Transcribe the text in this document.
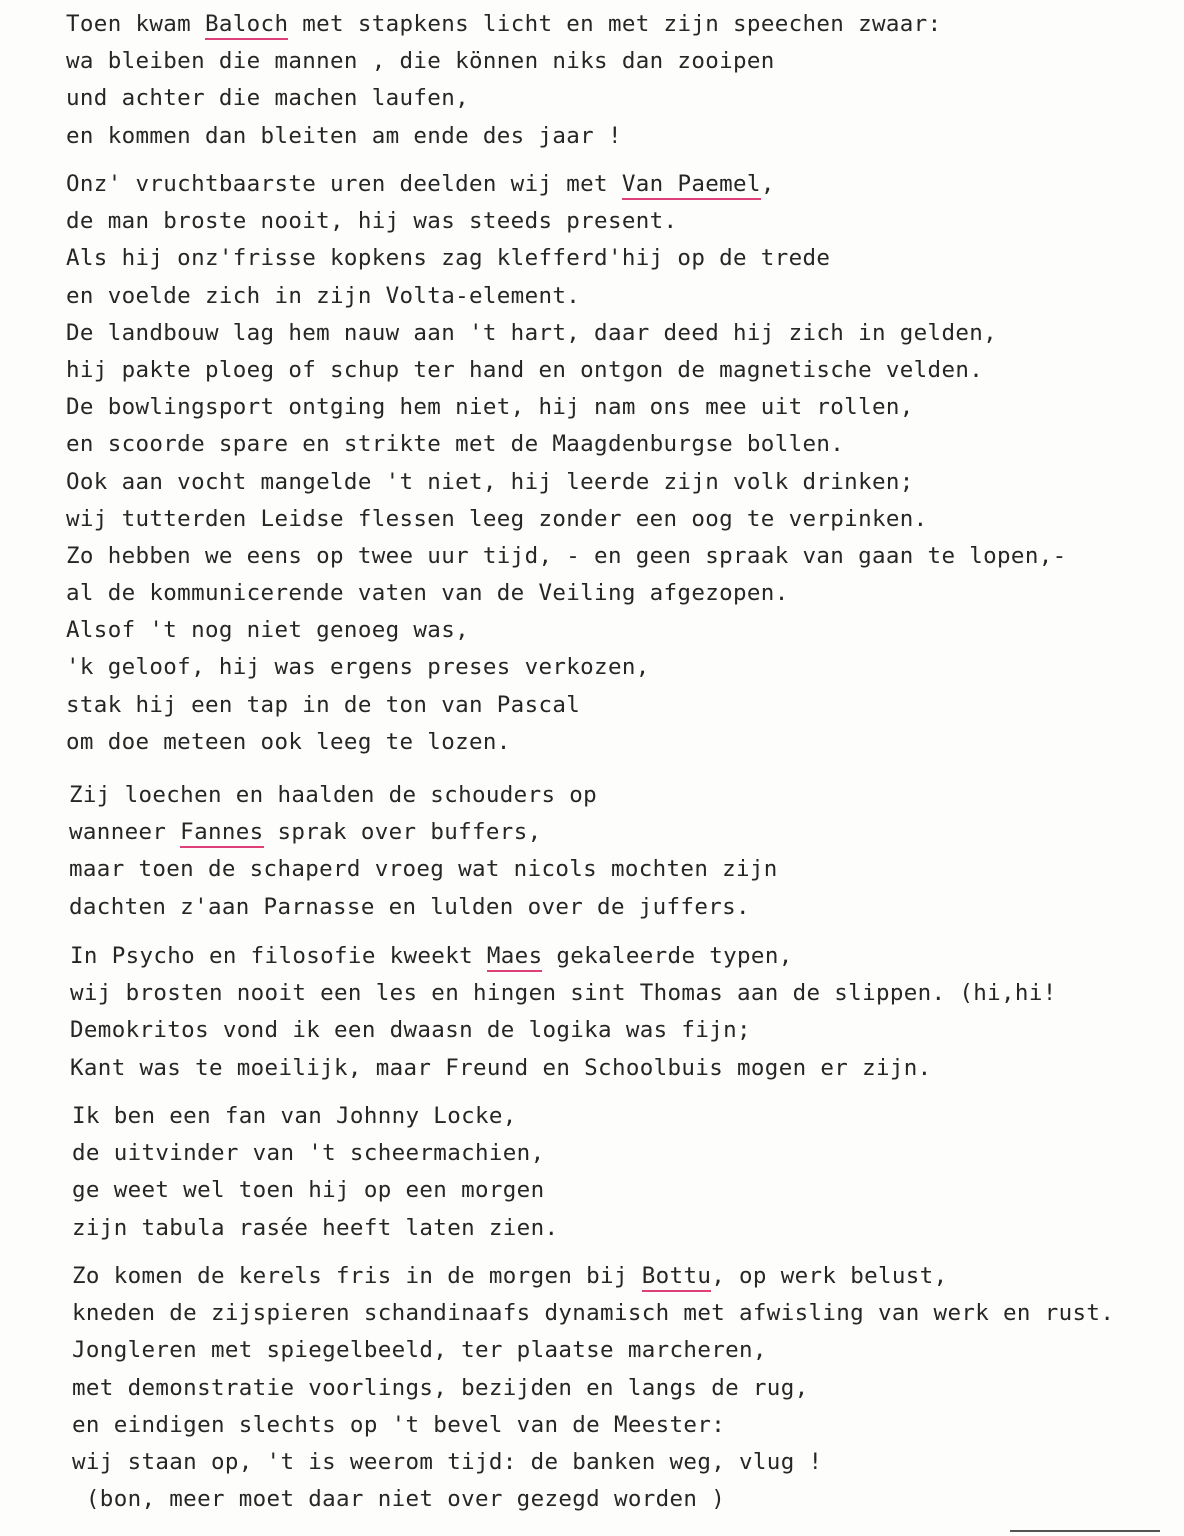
Toen kwam Baloch met stapkens licht en met zijn speechen zwaar:
wa bleiben die mannen , die können niks dan zooipen
und achter die machen laufen,
en kommen dan bleiten am ende des jaar !
Onz' vruchtbaarste uren deelden wij met Van Paemel,
de man broste nooit, hij was steeds present.
Als hij onz'frisse kopkens zag klefferd'hij op de trede
en voelde zich in zijn Volta-element.
De landbouw lag hem nauw aan 't hart, daar deed hij zich in gelden,
hij pakte ploeg of schup ter hand en ontgon de magnetische velden.
De bowlingsport ontging hem niet, hij nam ons mee uit rollen,
en scoorde spare en strikte met de Maagdenburgse bollen.
Ook aan vocht mangelde 't niet, hij leerde zijn volk drinken;
wij tutterden Leidse flessen leeg zonder een oog te verpinken.
Zo hebben we eens op twee uur tijd, - en geen spraak van gaan te lopen,-
al de kommunicerende vaten van de Veiling afgezopen.
Alsof 't nog niet genoeg was,
'k geloof, hij was ergens preses verkozen,
stak hij een tap in de ton van Pascal
om doe meteen ook leeg te lozen.
Zij loechen en haalden de schouders op
wanneer Fannes sprak over buffers,
maar toen de schaperd vroeg wat nicols mochten zijn
dachten z'aan Parnasse en lulden over de juffers.
In Psycho en filosofie kweekt Maes gekaleerde typen,
wij brosten nooit een les en hingen sint Thomas aan de slippen. (hi,hi!
Demokritos vond ik een dwaasn de logika was fijn;
Kant was te moeilijk, maar Freund en Schoolbuis mogen er zijn.
Ik ben een fan van Johnny Locke,
de uitvinder van 't scheermachien,
ge weet wel toen hij op een morgen
zijn tabula rasée heeft laten zien.
Zo komen de kerels fris in de morgen bij Bottu, op werk belust,
kneden de zijspieren schandinaafs dynamisch met afwisling van werk en rust.
Jongleren met spiegelbeeld, ter plaatse marcheren,
met demonstratie voorlings, bezijden en langs de rug,
en eindigen slechts op 't bevel van de Meester:
wij staan op, 't is weerom tijd: de banken weg, vlug !
(bon, meer moet daar niet over gezegd worden )
